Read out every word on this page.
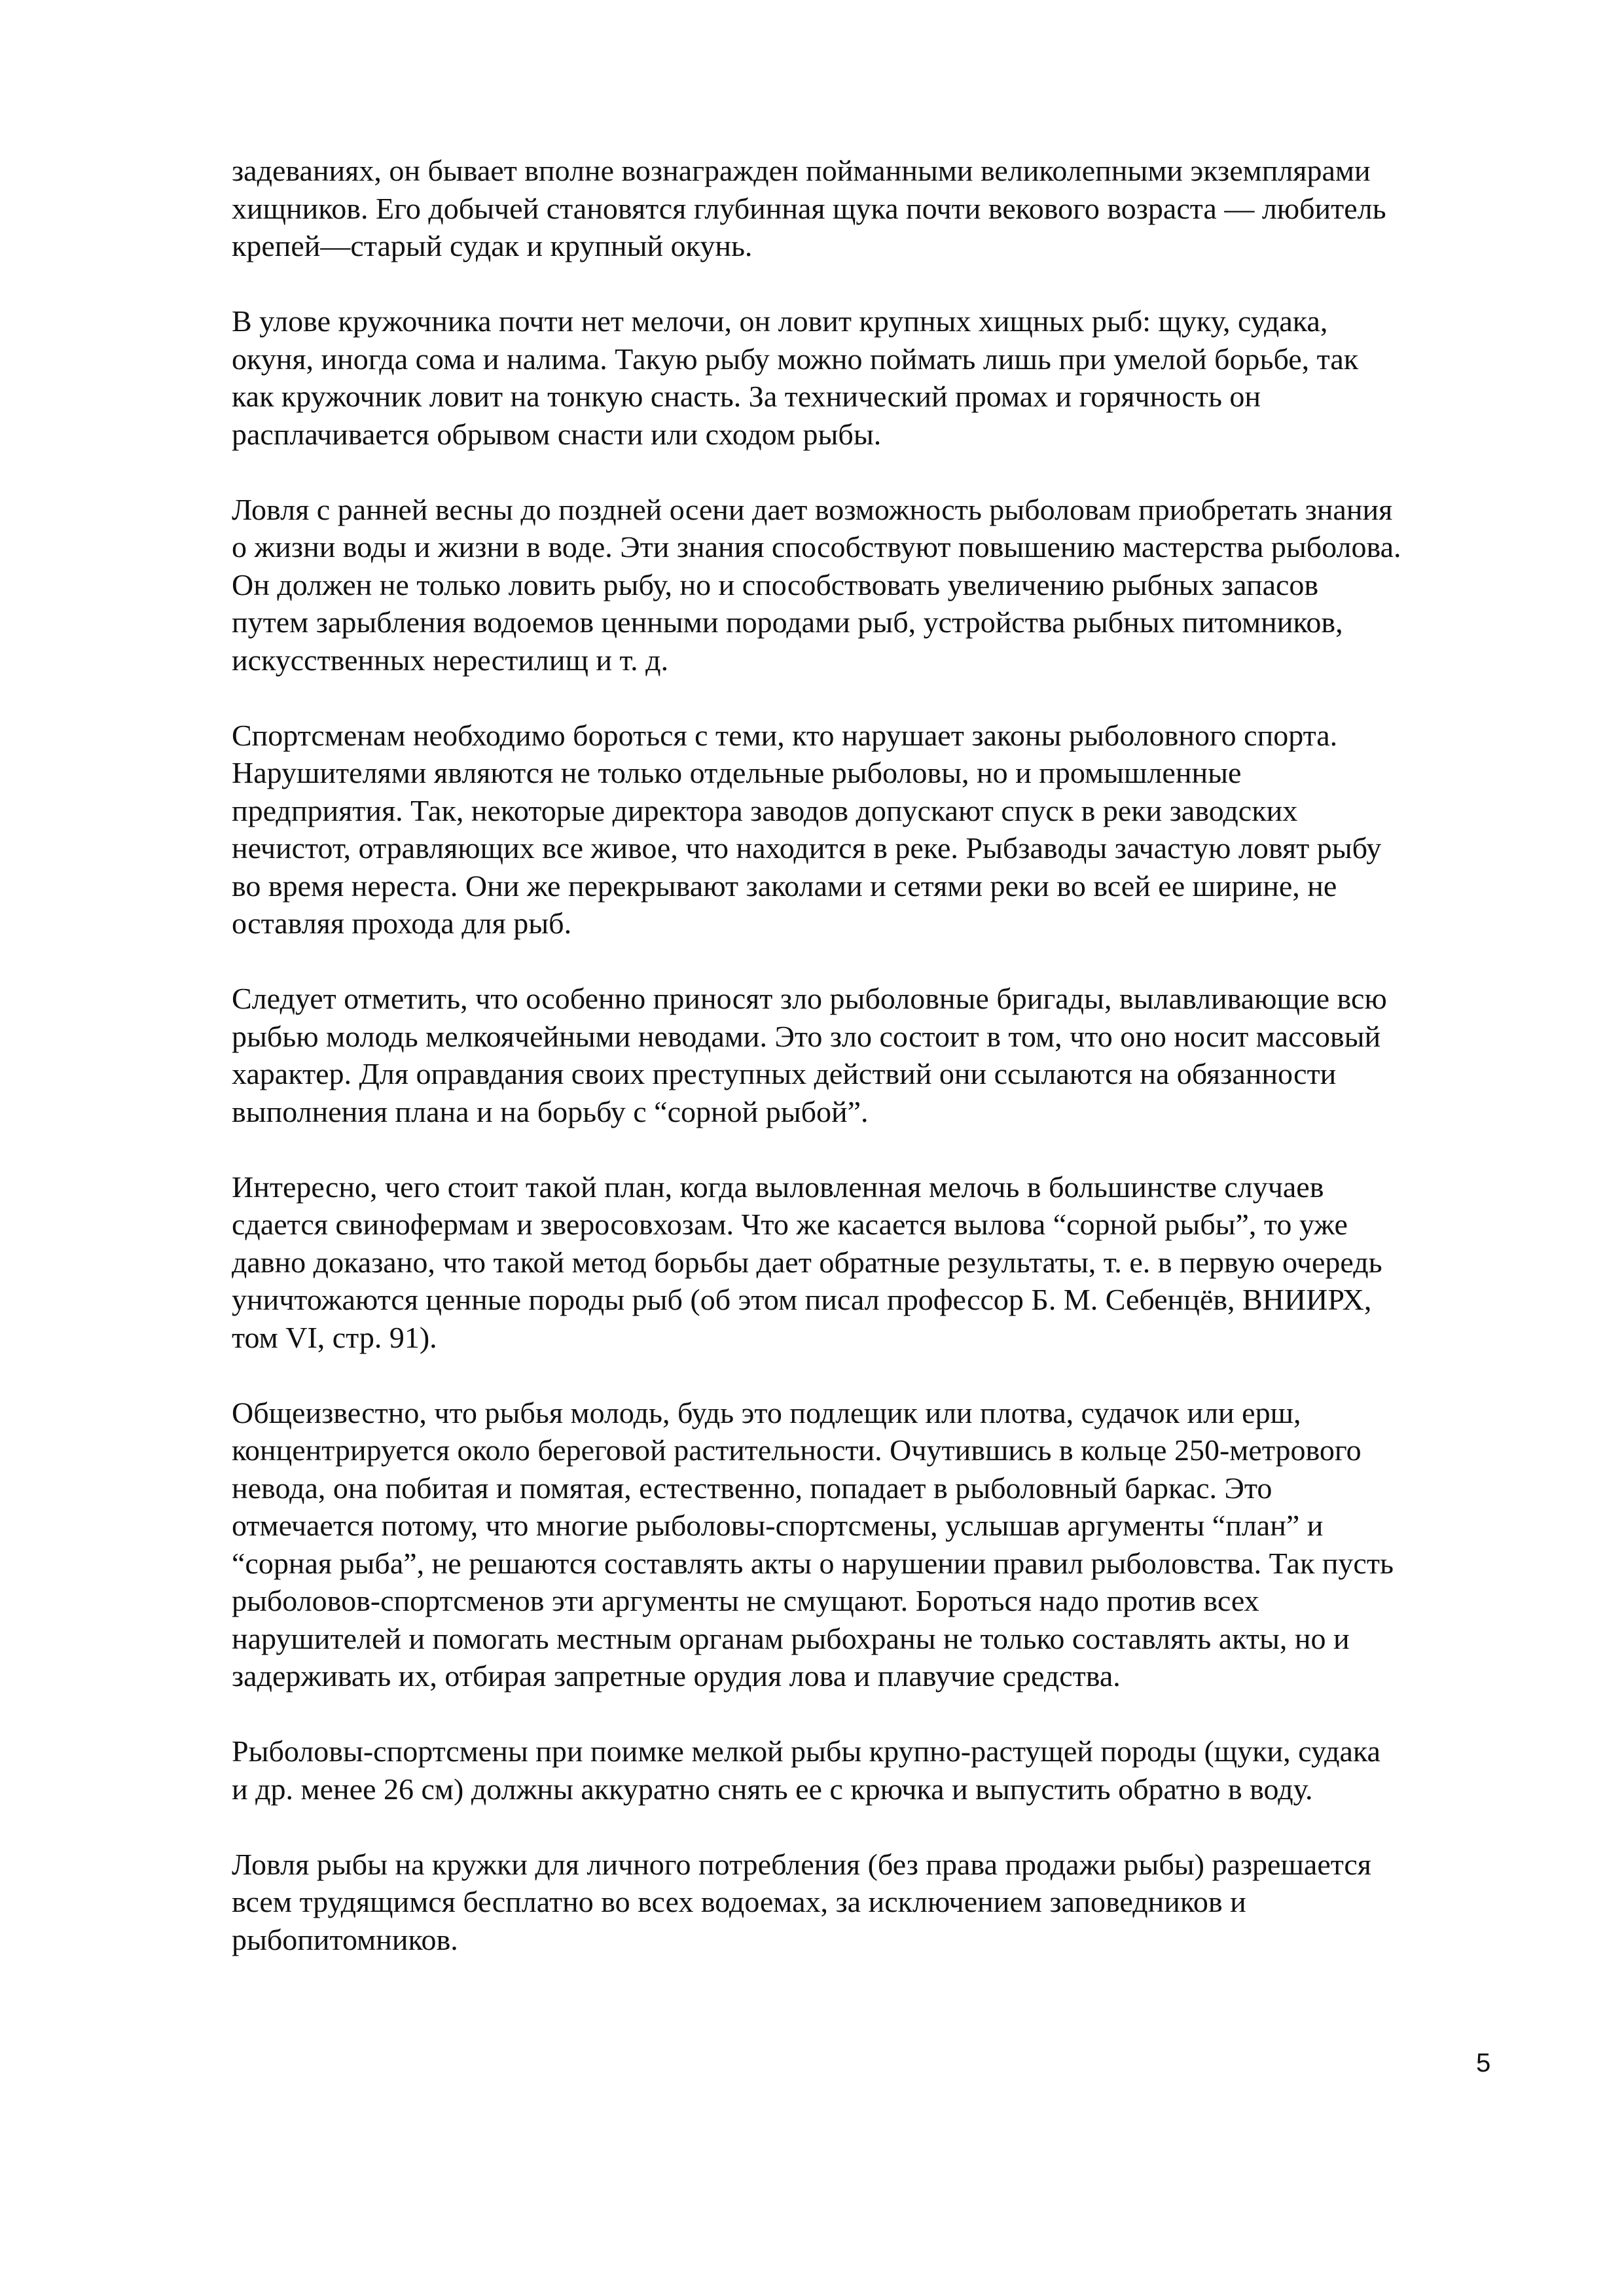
задеваниях, он бывает вполне вознагражден пойманными великолепными экземплярами
хищников. Его добычей становятся глубинная щука почти векового возраста — любитель
крепей—старый судак и крупный окунь.

В улове кружочника почти нет мелочи, он ловит крупных хищных рыб: щуку, судака,
окуня, иногда сома и налима. Такую рыбу можно поймать лишь при умелой борьбе, так
как кружочник ловит на тонкую снасть. За технический промах и горячность он
расплачивается обрывом снасти или сходом рыбы.

Ловля с ранней весны до поздней осени дает возможность рыболовам приобретать знания
о жизни воды и жизни в воде. Эти знания способствуют повышению мастерства рыболова.
Он должен не только ловить рыбу, но и способствовать увеличению рыбных запасов
путем зарыбления водоемов ценными породами рыб, устройства рыбных питомников,
искусственных нерестилищ и т. д.

Спортсменам необходимо бороться с теми, кто нарушает законы рыболовного спорта.
Нарушителями являются не только отдельные рыболовы, но и промышленные
предприятия. Так, некоторые директора заводов допускают спуск в реки заводских
нечистот, отравляющих все живое, что находится в реке. Рыбзаводы зачастую ловят рыбу
во время нереста. Они же перекрывают заколами и сетями реки во всей ее ширине, не
оставляя прохода для рыб.

Следует отметить, что особенно приносят зло рыболовные бригады, вылавливающие всю
рыбью молодь мелкоячейными неводами. Это зло состоит в том, что оно носит массовый
характер. Для оправдания своих преступных действий они ссылаются на обязанности
выполнения плана и на борьбу с “сорной рыбой”.

Интересно, чего стоит такой план, когда выловленная мелочь в большинстве случаев
сдается свинофермам и зверосовхозам. Что же касается вылова “сорной рыбы”, то уже
давно доказано, что такой метод борьбы дает обратные результаты, т. е. в первую очередь
уничтожаются ценные породы рыб (об этом писал профессор Б. М. Себенцёв, ВНИИРХ,
том VI, стр. 91).

Общеизвестно, что рыбья молодь, будь это подлещик или плотва, судачок или ерш,
концентрируется около береговой растительности. Очутившись в кольце 250-метрового
невода, она побитая и помятая, естественно, попадает в рыболовный баркас. Это
отмечается потому, что многие рыболовы-спортсмены, услышав аргументы “план” и
“сорная рыба”, не решаются составлять акты о нарушении правил рыболовства. Так пусть
рыболовов-спортсменов эти аргументы не смущают. Бороться надо против всех
нарушителей и помогать местным органам рыбохраны не только составлять акты, но и
задерживать их, отбирая запретные орудия лова и плавучие средства.

Рыболовы-спортсмены при поимке мелкой рыбы крупно-растущей породы (щуки, судака
и др. менее 26 см) должны аккуратно снять ее с крючка и выпустить обратно в воду.

Ловля рыбы на кружки для личного потребления (без права продажи рыбы) разрешается
всем трудящимся бесплатно во всех водоемах, за исключением заповедников и
рыбопитомников.

5
